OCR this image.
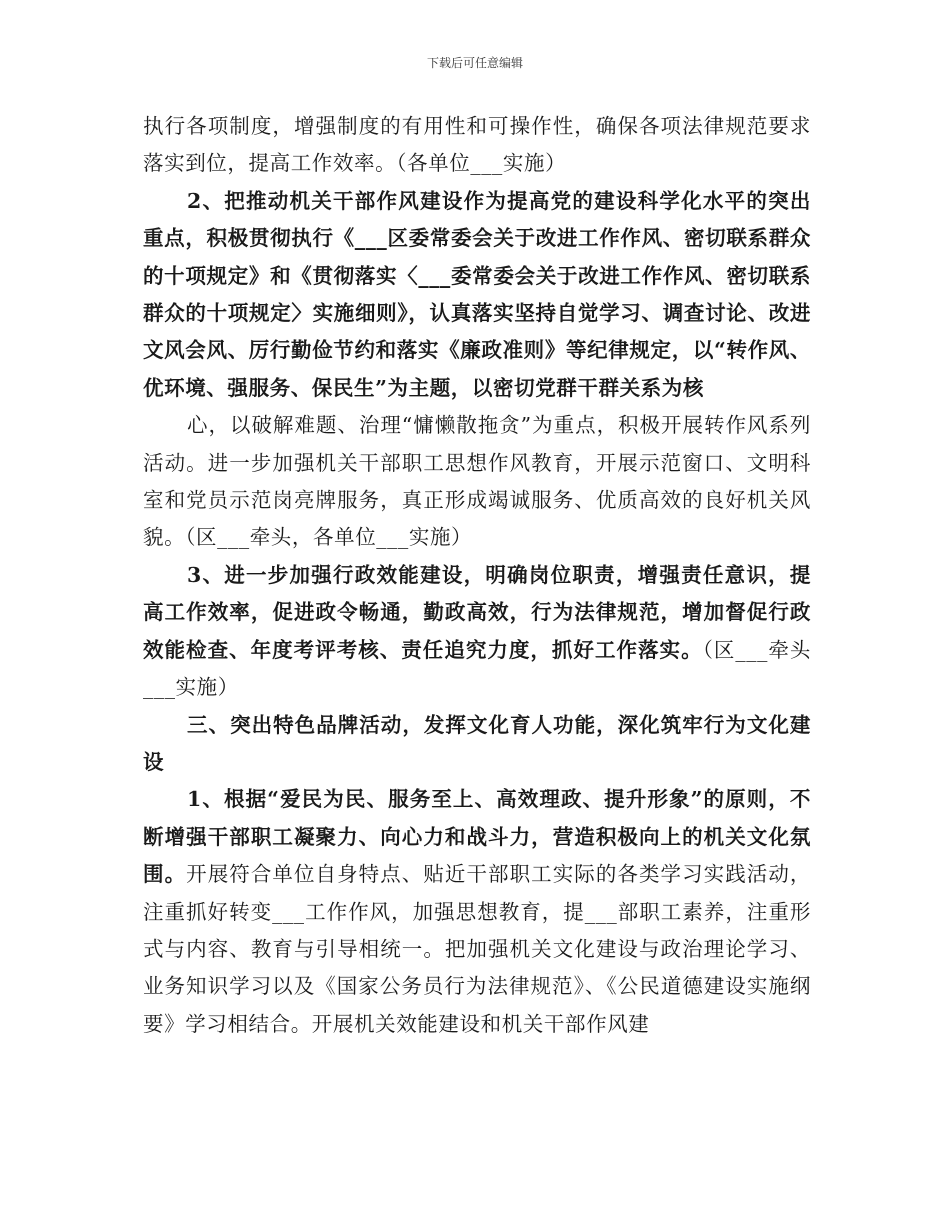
下载后可任意编辑

执行各项制度，增强制度的有用性和可操作性，确保各项法律规范要求落实到位，提高工作效率。（各单位___实施）

2、把推动机关干部作风建设作为提高党的建设科学化水平的突出重点，积极贯彻执行《___区委常委会关于改进工作作风、密切联系群众的十项规定》和《贯彻落实〈___委常委会关于改进工作作风、密切联系群众的十项规定〉实施细则》，认真落实坚持自觉学习、调查讨论、改进文风会风、厉行勤俭节约和落实《廉政准则》等纪律规定，以“转作风、优环境、强服务、保民生”为主题，以密切党群干群关系为核

心，以破解难题、治理“慵懒散拖贪”为重点，积极开展转作风系列活动。进一步加强机关干部职工思想作风教育，开展示范窗口、文明科室和党员示范岗亮牌服务，真正形成竭诚服务、优质高效的良好机关风貌。（区___牵头，各单位___实施）

3、进一步加强行政效能建设，明确岗位职责，增强责任意识，提高工作效率，促进政令畅通，勤政高效，行为法律规范，增加督促行政效能检查、年度考评考核、责任追究力度，抓好工作落实。（区___牵头___实施）

三、突出特色品牌活动，发挥文化育人功能，深化筑牢行为文化建设

1、根据“爱民为民、服务至上、高效理政、提升形象”的原则，不断增强干部职工凝聚力、向心力和战斗力，营造积极向上的机关文化氛围。开展符合单位自身特点、贴近干部职工实际的各类学习实践活动，注重抓好转变___工作作风，加强思想教育，提___部职工素养，注重形式与内容、教育与引导相统一。把加强机关文化建设与政治理论学习、业务知识学习以及《国家公务员行为法律规范》、《公民道德建设实施纲要》学习相结合。开展机关效能建设和机关干部作风建
